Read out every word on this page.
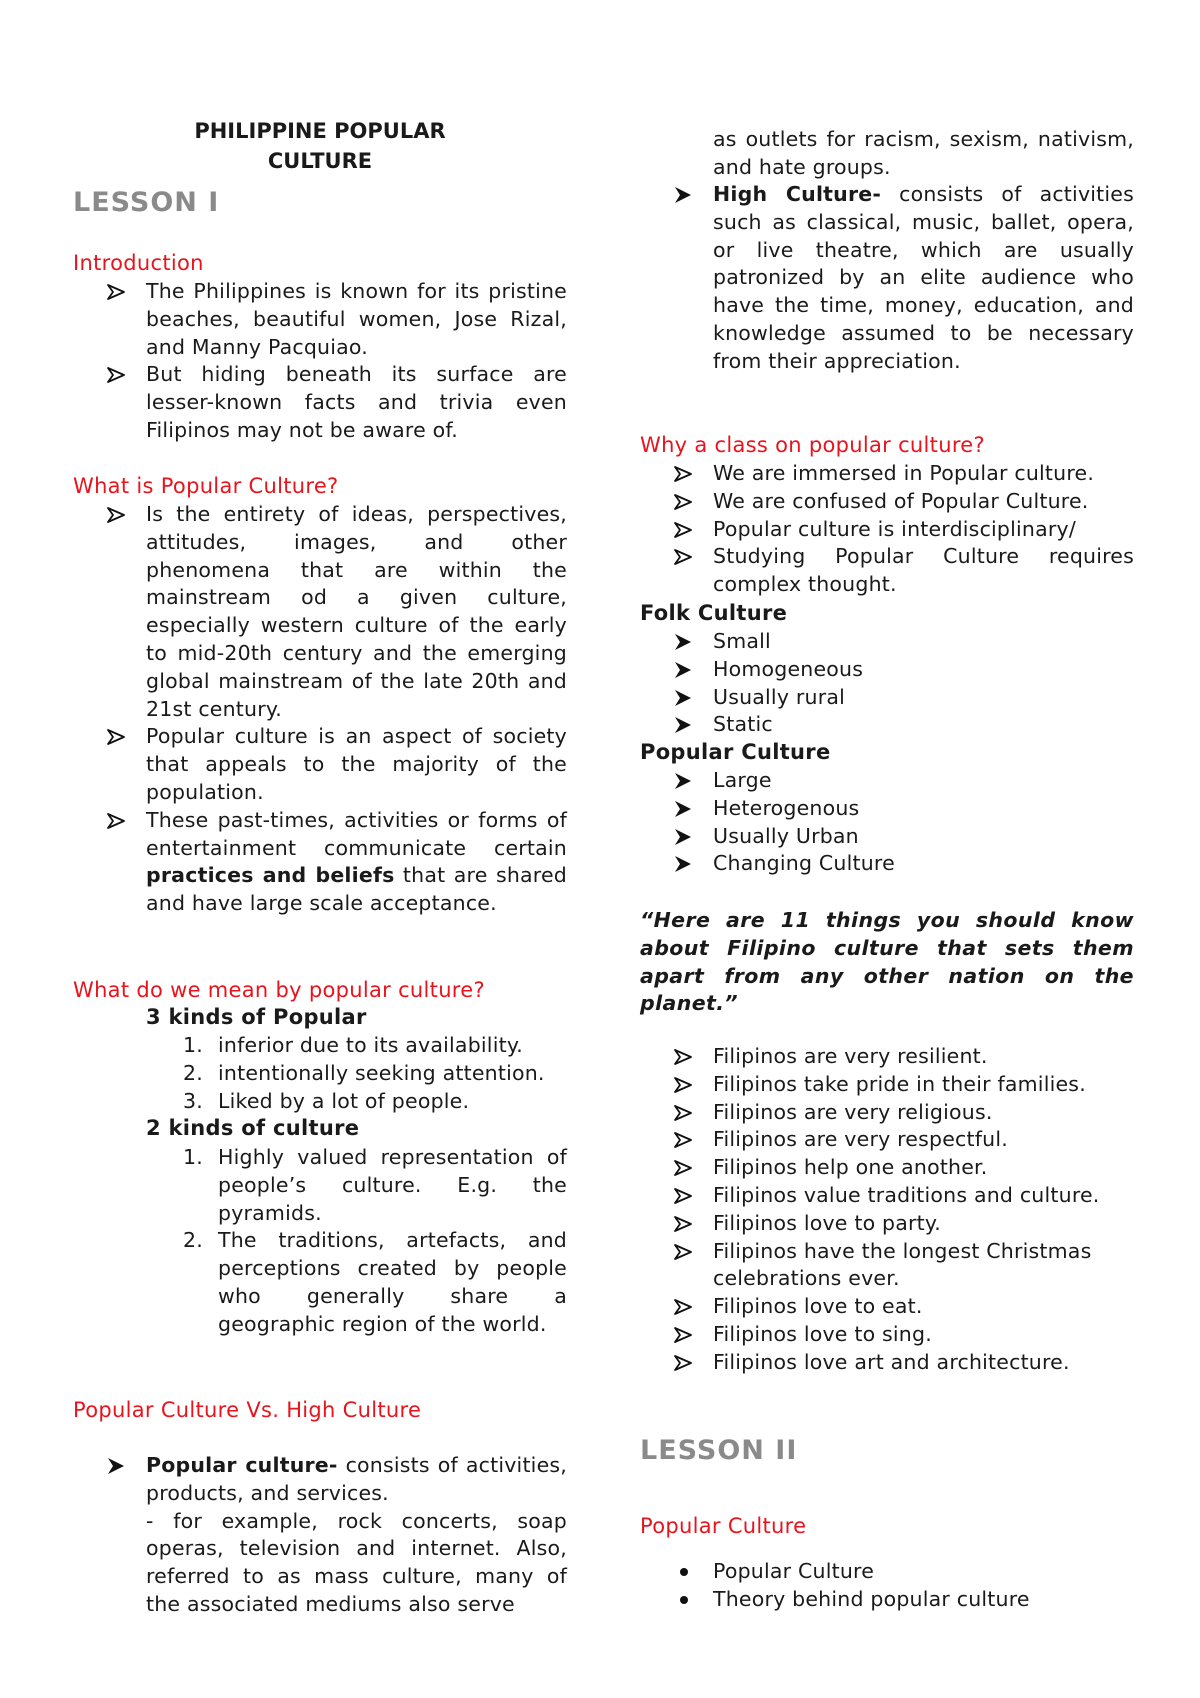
PHILIPPINE POPULAR
CULTURE
LESSON I
Introduction
The Philippines is known for its pristine beaches, beautiful women, Jose Rizal, and Manny Pacquiao.
But hiding beneath its surface are lesser-known facts and trivia even Filipinos may not be aware of.
What is Popular Culture?
Is the entirety of ideas, perspectives, attitudes, images, and other phenomena that are within the mainstream od a given culture, especially western culture of the early to mid-20th century and the emerging global mainstream of the late 20th and 21st century.
Popular culture is an aspect of society that appeals to the majority of the population.
These past-times, activities or forms of entertainment communicate certain practices and beliefs that are shared and have large scale acceptance.
What do we mean by popular culture?
3 kinds of Popular
1. inferior due to its availability.
2. intentionally seeking attention.
3. Liked by a lot of people.
2 kinds of culture
1. Highly valued representation of people’s culture. E.g. the pyramids.
2. The traditions, artefacts, and perceptions created by people who generally share a geographic region of the world.
Popular Culture Vs. High Culture
Popular culture- consists of activities, products, and services.
- for example, rock concerts, soap operas, television and internet. Also, referred to as mass culture, many of the associated mediums also serve
as outlets for racism, sexism, nativism, and hate groups.
High Culture- consists of activities such as classical, music, ballet, opera, or live theatre, which are usually patronized by an elite audience who have the time, money, education, and knowledge assumed to be necessary from their appreciation.
Why a class on popular culture?
We are immersed in Popular culture.
We are confused of Popular Culture.
Popular culture is interdisciplinary/
Studying Popular Culture requires complex thought.
Folk Culture
Small
Homogeneous
Usually rural
Static
Popular Culture
Large
Heterogenous
Usually Urban
Changing Culture
“Here are 11 things you should know about Filipino culture that sets them apart from any other nation on the planet.”
Filipinos are very resilient.
Filipinos take pride in their families.
Filipinos are very religious.
Filipinos are very respectful.
Filipinos help one another.
Filipinos value traditions and culture.
Filipinos love to party.
Filipinos have the longest Christmas celebrations ever.
Filipinos love to eat.
Filipinos love to sing.
Filipinos love art and architecture.
LESSON II
Popular Culture
Popular Culture
Theory behind popular culture
